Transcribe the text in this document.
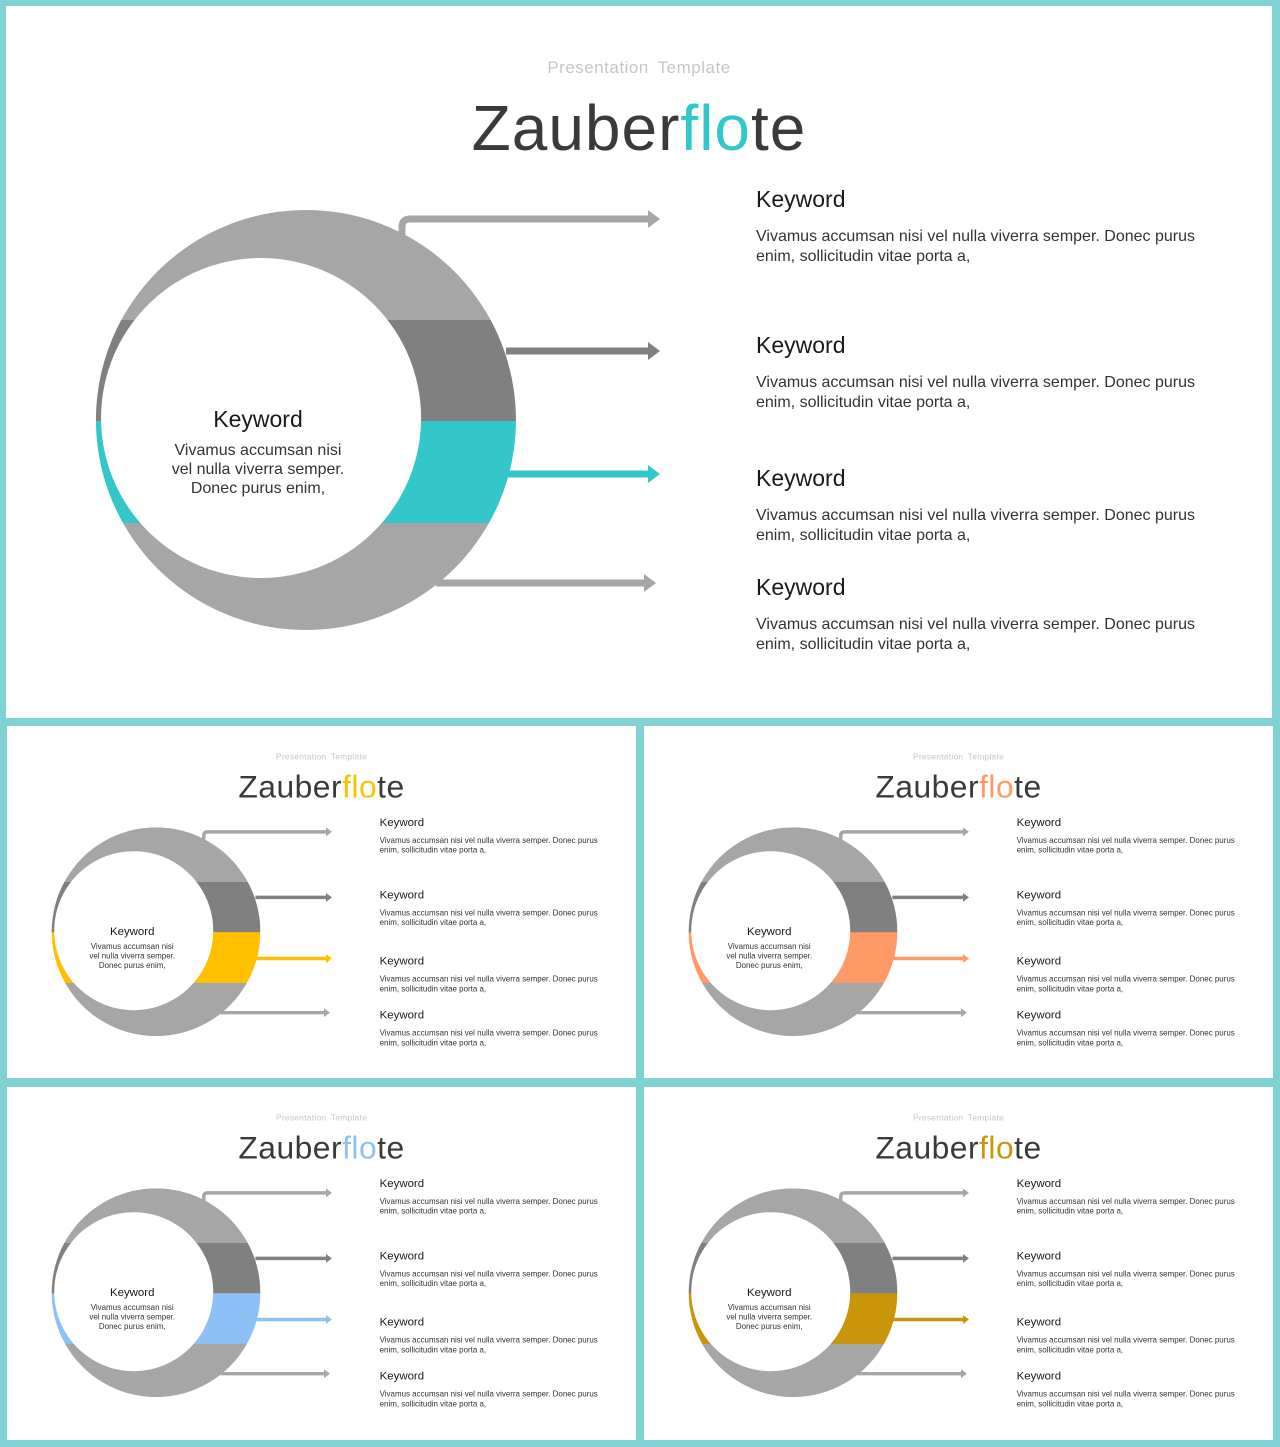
Presentation Template
Zauberflote
Keyword
Vivamus accumsan nisi vel nulla viverra semper. Donec purus enim,
Keyword
Vivamus accumsan nisi vel nulla viverra semper. Donec purus enim, sollicitudin vitae porta a,
Keyword
Vivamus accumsan nisi vel nulla viverra semper. Donec purus enim, sollicitudin vitae porta a,
Keyword
Vivamus accumsan nisi vel nulla viverra semper. Donec purus enim, sollicitudin vitae porta a,
Keyword
Vivamus accumsan nisi vel nulla viverra semper. Donec purus enim, sollicitudin vitae porta a,
Presentation Template
Zauberflote
Keyword
Vivamus accumsan nisi vel nulla viverra semper. Donec purus enim,
Keyword
Vivamus accumsan nisi vel nulla viverra semper. Donec purus enim, sollicitudin vitae porta a,
Keyword
Vivamus accumsan nisi vel nulla viverra semper. Donec purus enim, sollicitudin vitae porta a,
Keyword
Vivamus accumsan nisi vel nulla viverra semper. Donec purus enim, sollicitudin vitae porta a,
Keyword
Vivamus accumsan nisi vel nulla viverra semper. Donec purus enim, sollicitudin vitae porta a,
Presentation Template
Zauberflote
Keyword
Vivamus accumsan nisi vel nulla viverra semper. Donec purus enim,
Keyword
Vivamus accumsan nisi vel nulla viverra semper. Donec purus enim, sollicitudin vitae porta a,
Keyword
Vivamus accumsan nisi vel nulla viverra semper. Donec purus enim, sollicitudin vitae porta a,
Keyword
Vivamus accumsan nisi vel nulla viverra semper. Donec purus enim, sollicitudin vitae porta a,
Keyword
Vivamus accumsan nisi vel nulla viverra semper. Donec purus enim, sollicitudin vitae porta a,
Presentation Template
Zauberflote
Keyword
Vivamus accumsan nisi vel nulla viverra semper. Donec purus enim,
Keyword
Vivamus accumsan nisi vel nulla viverra semper. Donec purus enim, sollicitudin vitae porta a,
Keyword
Vivamus accumsan nisi vel nulla viverra semper. Donec purus enim, sollicitudin vitae porta a,
Keyword
Vivamus accumsan nisi vel nulla viverra semper. Donec purus enim, sollicitudin vitae porta a,
Keyword
Vivamus accumsan nisi vel nulla viverra semper. Donec purus enim, sollicitudin vitae porta a,
Presentation Template
Zauberflote
Keyword
Vivamus accumsan nisi vel nulla viverra semper. Donec purus enim,
Keyword
Vivamus accumsan nisi vel nulla viverra semper. Donec purus enim, sollicitudin vitae porta a,
Keyword
Vivamus accumsan nisi vel nulla viverra semper. Donec purus enim, sollicitudin vitae porta a,
Keyword
Vivamus accumsan nisi vel nulla viverra semper. Donec purus enim, sollicitudin vitae porta a,
Keyword
Vivamus accumsan nisi vel nulla viverra semper. Donec purus enim, sollicitudin vitae porta a,
